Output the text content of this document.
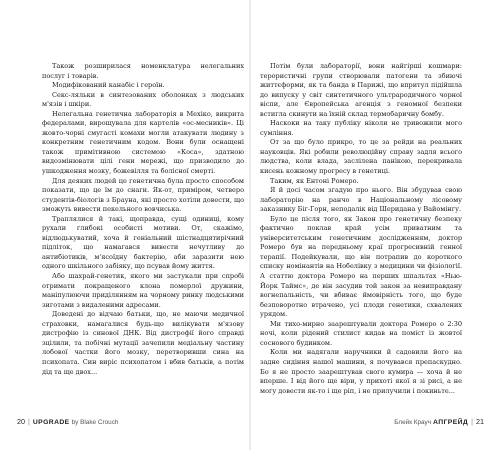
Також розширилася номенклатура нелегальних послуг і товарів.

Модифікований канабіс і героїн.

Секс-ляльки в синтезованих оболонках з людських м'язів і шкіри.

Нелегальна генетична лабораторія в Мехіко, викрита федералами, вирощувала для картелів «ос-месників». Ці жовто-чорні смугасті комахи могли атакувати людину з конкретним генетичним кодом. Вони були оснащені також примітивною системою «Коса», здатною видозмінювати цілі гени мережі, що призводило до ушкодження мозку, божевілля та болісної смерті.

Для деяких людей це генетична була просто способом показати, що це їм до снаги. Як-от, приміром, четверо студентів-біологів з Брауна, які просто хотіли довести, що зможуть вивести пекельного вовчиська.

Траплялися й такі, щоправда, сущі одиниці, кому рухали глибокі особисті мотиви. От, скажімо, відлюдькуватий, хоча й геніальний шістнадцятирічний підліток, що намагався вивести нечутливу до антибіотиків, м'ясоїдну бактерію, аби заразити нею одного шкільного забіяку, що псував йому життя.

Або шахрай-генетик, якого ми застукали при спробі отримати покращеного клона померлої дружини, маніпулюючи приділянням на чорному ринку людськими зиготами з видаленими адресами.

Доведені до відчаю батьки, що, не маючи медичної страховки, намагалися будь-що вилікувати м'язову дистрофію із синової ДНК. Від дистрофії його справді зцілили, та побічні мутації зачепили медіальну частину лобової частки його мозку, перетворивши сина на психопата. Син виріс психопатом і вбив батьків, а потім дід та ще двох...

Потім були лабораторії, вони найгірші кошмари: терористичні групи створювали патогени та збиючі життєформи, як та банда в Парижі, що впритул підійшла до випуску у світ синтетичного ультрародичного чорної віспи, але Європейська агенція з геномної безпеки встигла скинути на їхній склад термобаричну бомбу.

Наскоки на таку публіку ніколи не тривожили мого сумління.

От за що було прикро, то це за рейди на реальних науковців. Які робили революційну справу задля всього людства, коли влада, заслілена панікою, перекривала кисень кожному прогресу в генетиці.

Таким, як Ентоні Ромеро.

Я й досі часом згадую про нього. Він збудував свою лабораторію на ранчо в Національному лісовому заказнику Біг-Горн, неподалік від Шеридана у Вайомінгу.

Було це після того, як Закон про генетичну безпеку фактично поклав край усім приватним та університетським генетичним дослідженням, доктор Ромеро був на передньому краї прогресивній генної терапії. Подейкували, що він потрапив до короткого списку номінантів на Нобелівку з медицини чи фізіології. А статтю доктора Ромеро на перших шпальтах «Нью-Йорк Таймс», де він засудив той закон за невиправдану вогнепальність, чи вбиває ймовірність того, що буде безповоротно втрачено, усі плоди генетики, схвалених урядом.

Ми тихо-мирно заарештували доктора Ромеро о 2:30 ночі, коли рідений стилист кидав на поміст із жовтої соснового будинком.

Коли ми надягали наручники й садовили його на задне сидіння нашої машини, я почувався препаскудно. Бо я не просто заарештував свого кумира — хоча й не вперше. І від його ще віри, у прихоті якої я зі рисі, а не могу довести як-то і ще ріп, і не прилучили і покиньте...

20 | UPGRADE by Blake Crouch	Блейк Крауч АПГРЕЙД | 21
